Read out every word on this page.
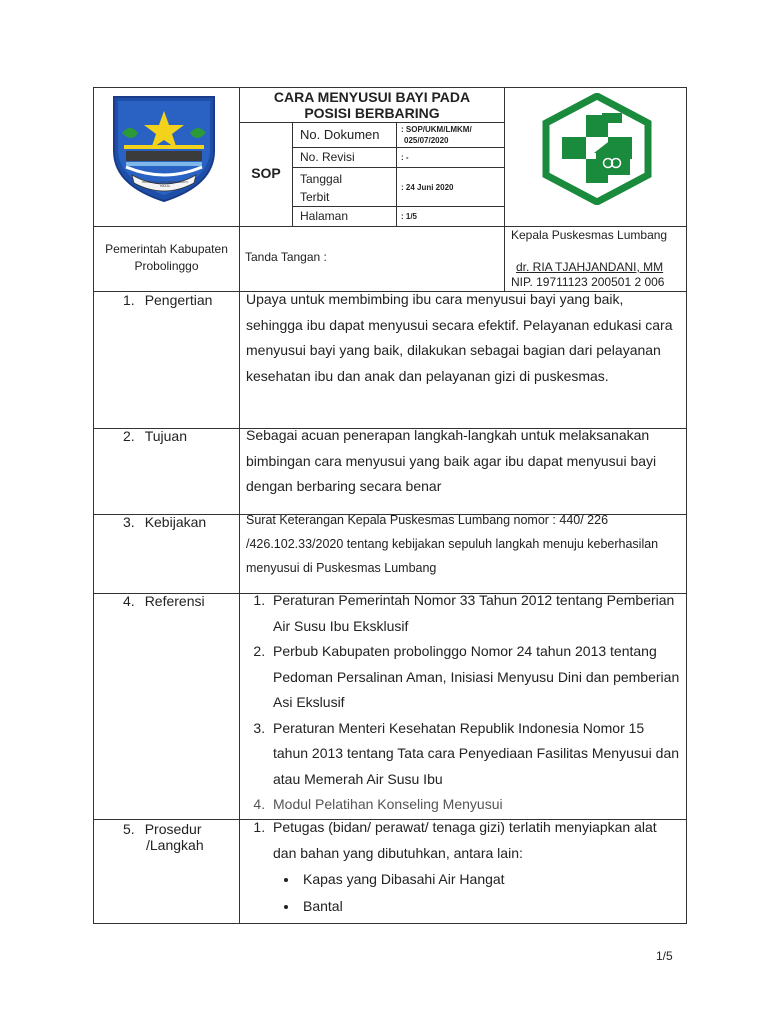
PRASETYA ULAH SAKTI BHAKTI PRAJA
CARA MENYUSUI BAYI PADA
POSISI BERBARING
SOP
No. Dokumen	: SOP/UKM/LMKM/
025/07/2020
No. Revisi	: -
Tanggal
Terbit
: 24 Juni 2020
Halaman	: 1/5
Pemerintah Kabupaten
Probolinggo
Tanda Tangan :
Kepala Puskesmas Lumbang
dr. RIA TJAHJANDANI, MM
NIP. 19711123 200501 2 006
1. Pengertian Upaya untuk membimbing ibu cara menyusui bayi yang baik, sehingga ibu dapat menyusui secara efektif. Pelayanan edukasi cara menyusui bayi yang baik, dilakukan sebagai bagian dari pelayanan kesehatan ibu dan anak dan pelayanan gizi di puskesmas.
2. Tujuan	Sebagai acuan penerapan langkah-langkah untuk melaksanakan bimbingan cara menyusui yang baik agar ibu dapat menyusui bayi dengan berbaring secara benar
3. Kebijakan	Surat Keterangan Kepala Puskesmas Lumbang nomor : 440/ 226 /426.102.33/2020 tentang kebijakan sepuluh langkah menuju keberhasilan menyusui di Puskesmas Lumbang
4. Referensi
1.	Peraturan Pemerintah Nomor 33 Tahun 2012 tentang Pemberian Air Susu Ibu Eksklusif
2. Perbub Kabupaten probolinggo Nomor 24 tahun 2013 tentang Pedoman Persalinan Aman, Inisiasi Menyusu Dini dan pemberian Asi Ekslusif
3. Peraturan Menteri Kesehatan Republik Indonesia Nomor 15 tahun 2013 tentang Tata cara Penyediaan Fasilitas Menyusui dan atau Memerah Air Susu Ibu
4. Modul Pelatihan Konseling Menyusui
5. Prosedur
/Langkah
1. Petugas (bidan/ perawat/ tenaga gizi) terlatih menyiapkan alat dan bahan yang dibutuhkan, antara lain:
• Kapas yang Dibasahi Air Hangat
• Bantal
1/5
